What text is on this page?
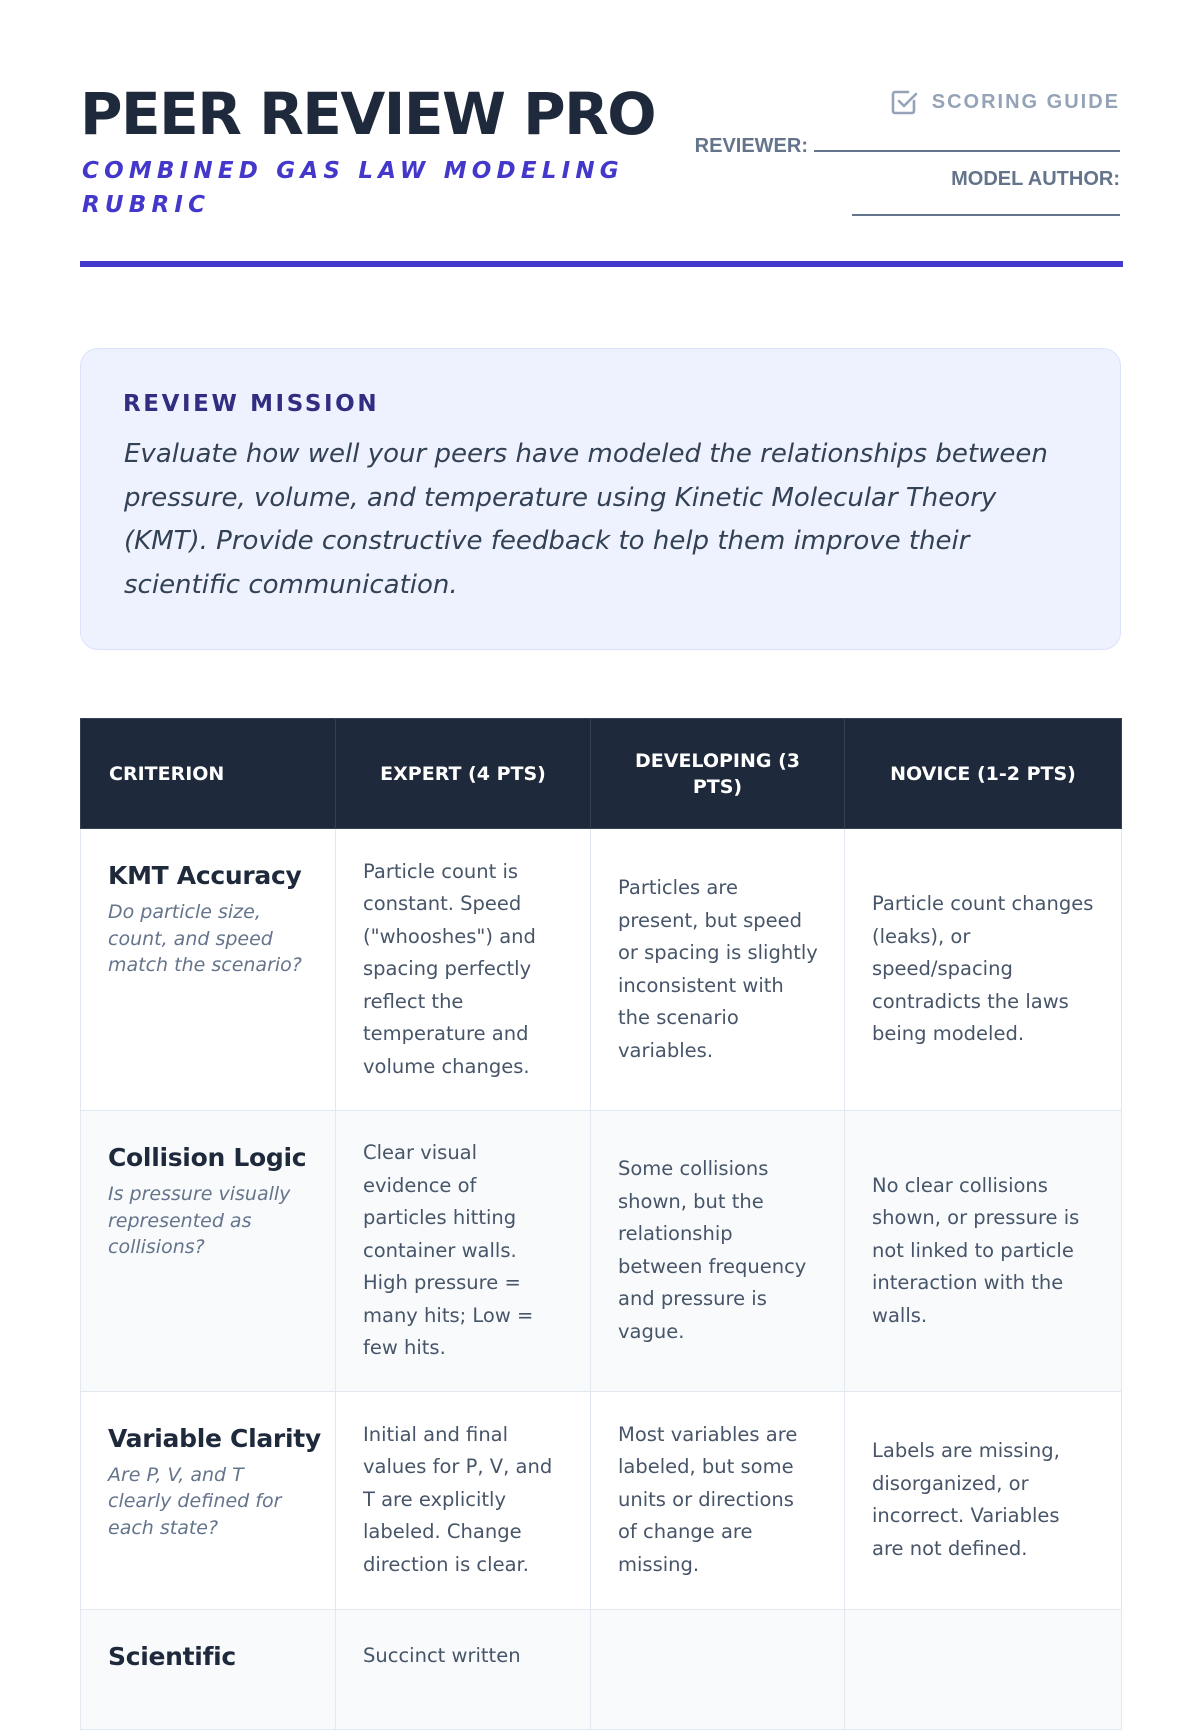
PEER REVIEW PRO
COMBINED GAS LAW MODELING RUBRIC
SCORING GUIDE
REVIEWER:
MODEL AUTHOR:
REVIEW MISSION

Evaluate how well your peers have modeled the relationships between pressure, volume, and temperature using Kinetic Molecular Theory (KMT). Provide constructive feedback to help them improve their scientific communication.

CRITERION	EXPERT (4 PTS)	DEVELOPING (3 PTS)	NOVICE (1-2 PTS)

KMT Accuracy
Do particle size, count, and speed match the scenario?	Particle count is constant. Speed ("whooshes") and spacing perfectly reflect the temperature and volume changes.	Particles are present, but speed or spacing is slightly inconsistent with the scenario variables.	Particle count changes (leaks), or speed/spacing contradicts the laws being modeled.

Collision Logic
Is pressure visually represented as collisions?	Clear visual evidence of particles hitting container walls. High pressure = many hits; Low = few hits.	Some collisions shown, but the relationship between frequency and pressure is vague.	No clear collisions shown, or pressure is not linked to particle interaction with the walls.

Variable Clarity
Are P, V, and T clearly defined for each state?	Initial and final values for P, V, and T are explicitly labeled. Change direction is clear.	Most variables are labeled, but some units or directions of change are missing.	Labels are missing, disorganized, or incorrect. Variables are not defined.

Scientific	Succinct written		
